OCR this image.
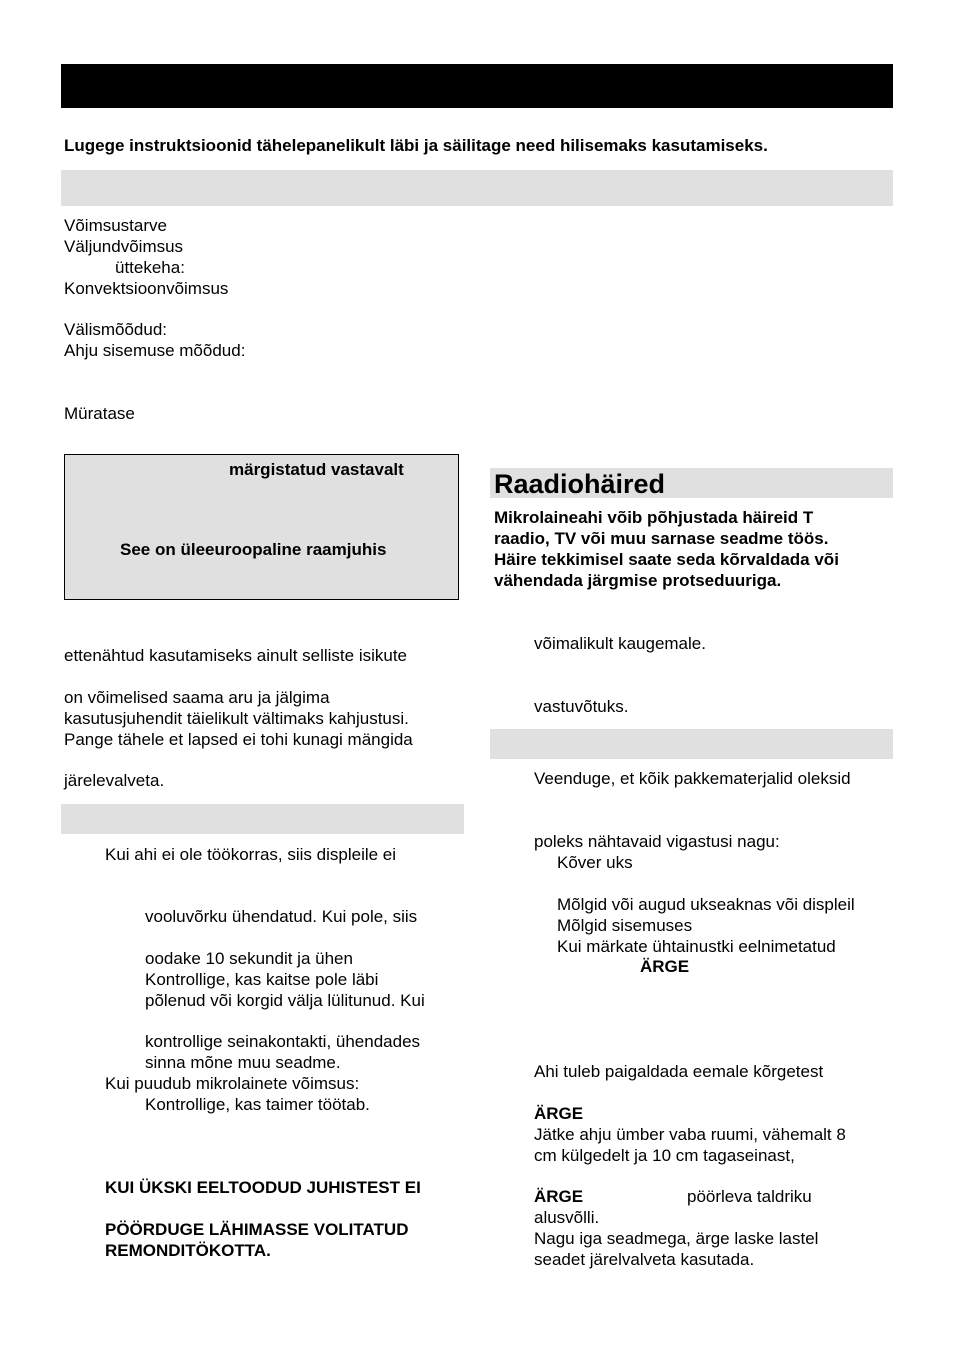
Lugege instruktsioonid tähelepanelikult läbi ja säilitage need hilisemaks kasutamiseks.
Võimsustarve
Väljundvõimsus
üttekeha:
Konvektsioonvõimsus
Välismõõdud:
Ahju sisemuse mõõdud:
Müratase
märgistatud vastavalt
See on üleeuroopaline raamjuhis
ettenähtud kasutamiseks ainult selliste isikute
on võimelised saama aru ja jälgima
kasutusjuhendit täielikult vältimaks kahjustusi.
Pange tähele et lapsed ei tohi kunagi mängida
järelevalveta.
Kui ahi ei ole töökorras, siis displeile ei
vooluvõrku ühendatud. Kui pole, siis
oodake 10 sekundit ja ühen
Kontrollige, kas kaitse pole läbi
põlenud või korgid välja lülitunud. Kui
kontrollige seinakontakti, ühendades
sinna mõne muu seadme.
Kui puudub mikrolainete võimsus:
Kontrollige, kas taimer töötab.
KUI ÜKSKI EELTOODUD JUHISTEST EI
PÖÖRDUGE LÄHIMASSE VOLITATUD
REMONDITÖKOTTA.
Raadiohäired
Mikrolaineahi võib põhjustada häireid T
raadio, TV või muu sarnase seadme töös.
Häire tekkimisel saate seda kõrvaldada või
vähendada järgmise protseduuriga.
võimalikult kaugemale.
vastuvõtuks.
Veenduge, et kõik pakkematerjalid oleksid
poleks nähtavaid vigastusi nagu:
Kõver uks
Mõlgid või augud ukseaknas või displeil
Mõlgid sisemuses
Kui märkate ühtainustki eelnimetatud
ÄRGE
Ahi tuleb paigaldada eemale kõrgetest
ÄRGE
Jätke ahju ümber vaba ruumi, vähemalt 8
cm külgedelt ja 10 cm tagaseinast,
ÄRGE	pöörleva taldriku
alusvõlli.
Nagu iga seadmega, ärge laske lastel
seadet järelvalveta kasutada.
